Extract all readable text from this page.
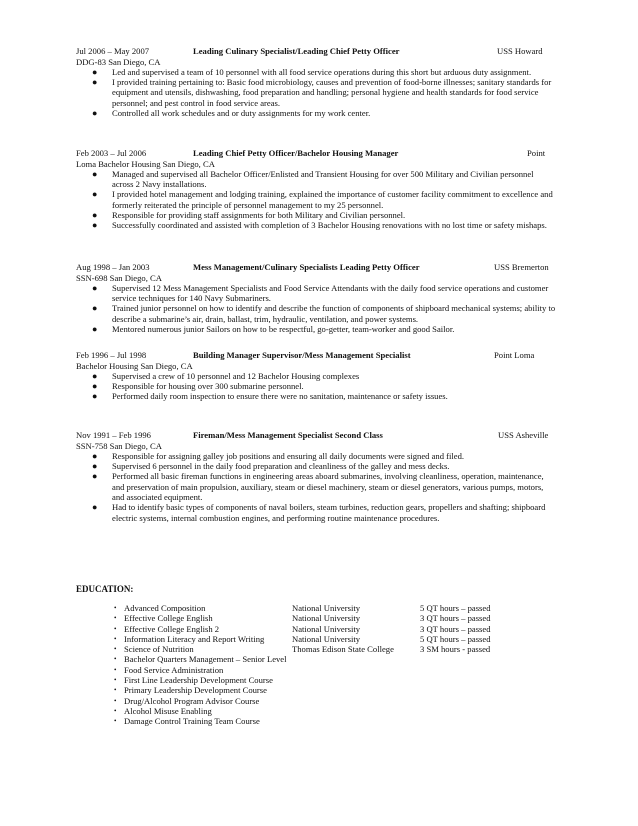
Jul 2006 – May 2007	Leading Culinary Specialist/Leading Chief Petty Officer	USS Howard
DDG-83 San Diego, CA
● Led and supervised a team of 10 personnel with all food service operations during this short but arduous duty assignment.
● I provided training pertaining to: Basic food microbiology, causes and prevention of food-borne illnesses; sanitary standards for equipment and utensils, dishwashing, food preparation and handling; personal hygiene and health standards for food service personnel; and pest control in food service areas.
● Controlled all work schedules and or duty assignments for my work center.
Feb 2003 – Jul 2006	Leading Chief Petty Officer/Bachelor Housing Manager	Point
Loma Bachelor Housing San Diego, CA
● Managed and supervised all Bachelor Officer/Enlisted and Transient Housing for over 500 Military and Civilian personnel across 2 Navy installations.
● I provided hotel management and lodging training, explained the importance of customer facility commitment to excellence and formerly reiterated the principle of personnel management to my 25 personnel.
● Responsible for providing staff assignments for both Military and Civilian personnel.
● Successfully coordinated and assisted with completion of 3 Bachelor Housing renovations with no lost time or safety mishaps.
Aug 1998 – Jan 2003	Mess Management/Culinary Specialists Leading Petty Officer	USS Bremerton
SSN-698 San Diego, CA
● Supervised 12 Mess Management Specialists and Food Service Attendants with the daily food service operations and customer service techniques for 140 Navy Submariners.
● Trained junior personnel on how to identify and describe the function of components of shipboard mechanical systems; ability to describe a submarine’s air, drain, ballast, trim, hydraulic, ventilation, and power systems.
● Mentored numerous junior Sailors on how to be respectful, go-getter, team-worker and good Sailor.
Feb 1996 – Jul 1998	Building Manager Supervisor/Mess Management Specialist	Point Loma
Bachelor Housing San Diego, CA
● Supervised a crew of 10 personnel and 12 Bachelor Housing complexes
● Responsible for housing over 300 submarine personnel.
● Performed daily room inspection to ensure there were no sanitation, maintenance or safety issues.
Nov 1991 – Feb 1996	Fireman/Mess Management Specialist Second Class	USS Asheville
SSN-758 San Diego, CA
● Responsible for assigning galley job positions and ensuring all daily documents were signed and filed.
● Supervised 6 personnel in the daily food preparation and cleanliness of the galley and mess decks.
● Performed all basic fireman functions in engineering areas aboard submarines, involving cleanliness, operation, maintenance, and preservation of main propulsion, auxiliary, steam or diesel machinery, steam or diesel generators, various pumps, motors, and associated equipment.
● Had to identify basic types of components of naval boilers, steam turbines, reduction gears, propellers and shafting; shipboard electric systems, internal combustion engines, and performing routine maintenance procedures.
EDUCATION:
• Advanced Composition	National University	5 QT hours – passed
• Effective College English	National University	3 QT hours – passed
• Effective College English 2	National University	3 QT hours – passed
• Information Literacy and Report Writing	National University	5 QT hours – passed
• Science of Nutrition	Thomas Edison State College	3 SM hours - passed
• Bachelor Quarters Management – Senior Level
• Food Service Administration
• First Line Leadership Development Course
• Primary Leadership Development Course
• Drug/Alcohol Program Advisor Course
• Alcohol Misuse Enabling
• Damage Control Training Team Course
